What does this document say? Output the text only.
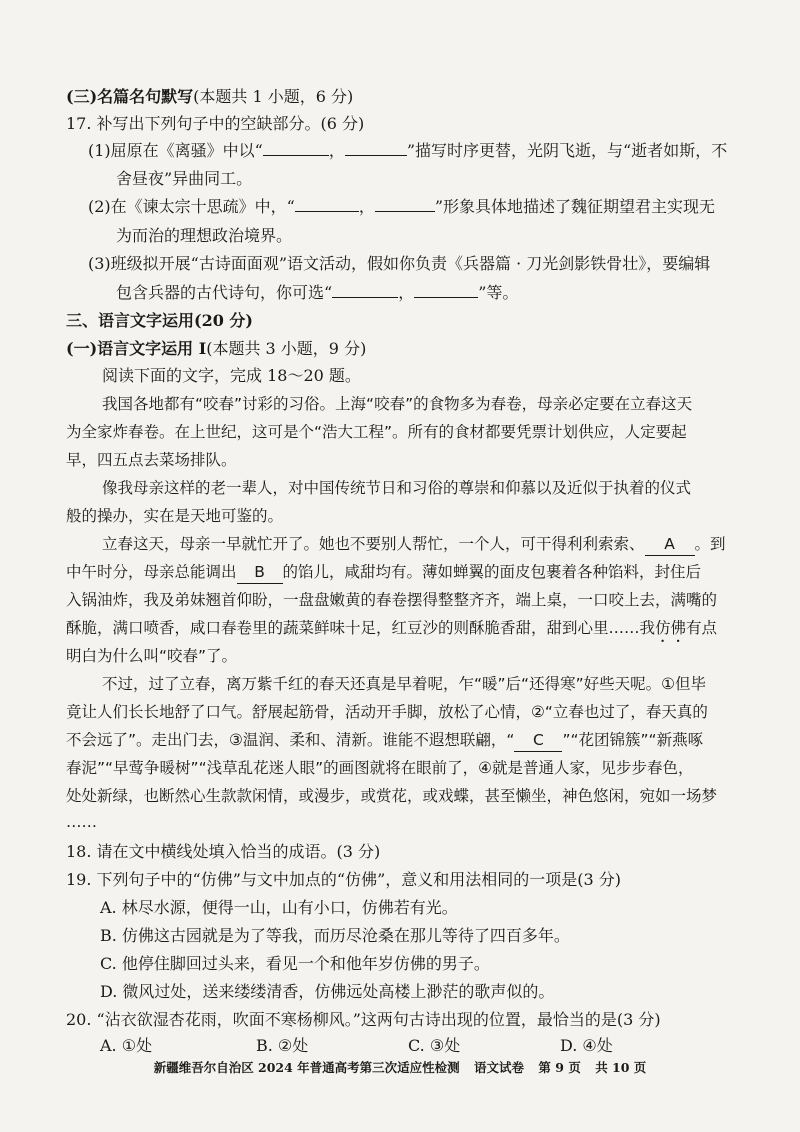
(三)名篇名句默写(本题共 1 小题，6 分)
17. 补写出下列句子中的空缺部分。(6 分)
(1)屈原在《离骚》中以“	，	”描写时序更替，光阴飞逝，与“逝者如斯，不
舍昼夜”异曲同工。
(2)在《谏太宗十思疏》中，“	，	”形象具体地描述了魏征期望君主实现无
为而治的理想政治境界。
(3)班级拟开展“古诗面面观”语文活动，假如你负责《兵器篇 · 刀光剑影铁骨壮》，要编辑
包含兵器的古代诗句，你可选“	，	”等。
三、语言文字运用(20 分)
(一)语言文字运用 Ⅰ(本题共 3 小题，9 分)
阅读下面的文字，完成 18～20 题。
我国各地都有“咬春”讨彩的习俗。上海“咬春”的食物多为春卷，母亲必定要在立春这天
为全家炸春卷。在上世纪，这可是个“浩大工程”。所有的食材都要凭票计划供应，人定要起
早，四五点去菜场排队。
像我母亲这样的老一辈人，对中国传统节日和习俗的尊崇和仰慕以及近似于执着的仪式
般的操办，实在是天地可鉴的。
立春这天，母亲一早就忙开了。她也不要别人帮忙，一个人，可干得利利索索、 A 。到
中午时分，母亲总能调出 B 的馅儿，咸甜均有。薄如蝉翼的面皮包裹着各种馅料，封住后
入锅油炸，我及弟妹翘首仰盼，一盘盘嫩黄的春卷摆得整整齐齐，端上桌，一口咬上去，满嘴的
酥脆，满口喷香，咸口春卷里的蔬菜鲜味十足，红豆沙的则酥脆香甜，甜到心里……我仿佛有点
明白为什么叫“咬春”了。
不过，过了立春，离万紫千红的春天还真是早着呢，乍“暖”后“还得寒”好些天呢。①但毕
竟让人们长长地舒了口气。舒展起筋骨，活动开手脚，放松了心情，②“立春也过了，春天真的
不会远了”。走出门去，③温润、柔和、清新。谁能不遐想联翩，“ C ”“花团锦簇”“新燕啄
春泥”“早莺争暖树”“浅草乱花迷人眼”的画图就将在眼前了，④就是普通人家，见步步春色，
处处新绿，也断然心生款款闲情，或漫步，或赏花，或戏蝶，甚至懒坐，神色悠闲，宛如一场梦
……
18. 请在文中横线处填入恰当的成语。(3 分)
19. 下列句子中的“仿佛”与文中加点的“仿佛”，意义和用法相同的一项是(3 分)
A. 林尽水源，便得一山，山有小口，仿佛若有光。
B. 仿佛这古园就是为了等我，而历尽沧桑在那儿等待了四百多年。
C. 他停住脚回过头来，看见一个和他年岁仿佛的男子。
D. 微风过处，送来缕缕清香，仿佛远处高楼上渺茫的歌声似的。
20. “沾衣欲湿杏花雨，吹面不寒杨柳风。”这两句古诗出现的位置，最恰当的是(3 分)
A. ①处	B. ②处	C. ③处	D. ④处
新疆维吾尔自治区 2024 年普通高考第三次适应性检测 语文试卷 第 9 页 共 10 页
